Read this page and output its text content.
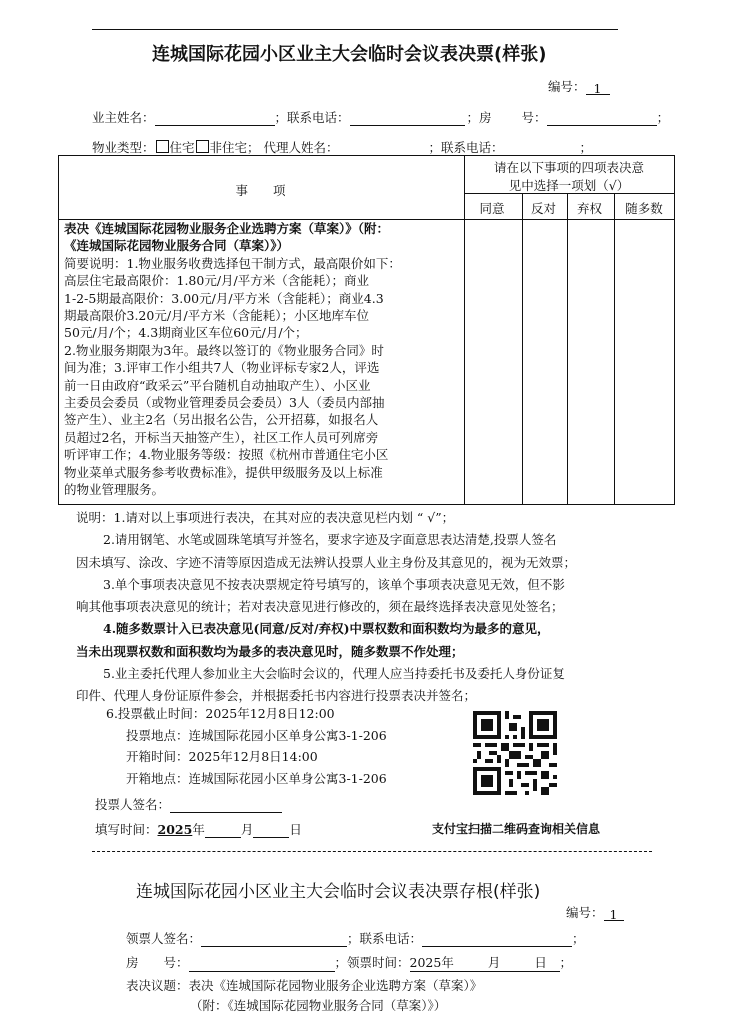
连城国际花园小区业主大会临时会议表决票(样张)
编号： 1
业主姓名：	；联系电话：	；房 号：	；
物业类型： 住宅 非住宅； 代理人姓名：	；联系电话：	；
事　　项
请在以下事项的四项表决意
见中选择一项划（√）
同意	反对	弃权	随多数
表决《连城国际花园物业服务企业选聘方案（草案）》（附：
《连城国际花园物业服务合同（草案）》）
简要说明：1.物业服务收费选择包干制方式，最高限价如下：
高层住宅最高限价：1.80元/月/平方米（含能耗）；商业
1-2-5期最高限价：3.00元/月/平方米（含能耗）；商业4.3
期最高限价3.20元/月/平方米（含能耗）；小区地库车位
50元/月/个；4.3期商业区车位60元/月/个；
2.物业服务期限为3年。最终以签订的《物业服务合同》时
间为准；3.评审工作小组共7人（物业评标专家2人，评选
前一日由政府“政采云”平台随机自动抽取产生）、小区业
主委员会委员（或物业管理委员会委员）3人（委员内部抽
签产生）、业主2名（另出报名公告，公开招募，如报名人
员超过2名，开标当天抽签产生），社区工作人员可列席旁
听评审工作；4.物业服务等级：按照《杭州市普通住宅小区
物业菜单式服务参考收费标准》，提供甲级服务及以上标准
的物业管理服务。
说明：1.请对以上事项进行表决，在其对应的表决意见栏内划 “ √”；
2.请用钢笔、水笔或圆珠笔填写并签名，要求字迹及字面意思表达清楚,投票人签名
因未填写、涂改、字迹不清等原因造成无法辨认投票人业主身份及其意见的，视为无效票；
3.单个事项表决意见不按表决票规定符号填写的，该单个事项表决意见无效，但不影
响其他事项表决意见的统计；若对表决意见进行修改的，须在最终选择表决意见处签名；
4.随多数票计入已表决意见(同意/反对/弃权)中票权数和面积数均为最多的意见，
当未出现票权数和面积数均为最多的表决意见时，随多数票不作处理；
5.业主委托代理人参加业主大会临时会议的，代理人应当持委托书及委托人身份证复
印件、代理人身份证原件参会，并根据委托书内容进行投票表决并签名；
6.投票截止时间：2025年12月8日12:00
投票地点：连城国际花园小区单身公寓3-1-206
开箱时间：2025年12月8日14:00
开箱地点：连城国际花园小区单身公寓3-1-206
投票人签名：
填写时间：2025年	月	日	支付宝扫描二维码查询相关信息
连城国际花园小区业主大会临时会议表决票存根(样张)
编号： 1
领票人签名：	；联系电话：	；
房　　号：	；领票时间：2025年	月	日 ；
表决议题：表决《连城国际花园物业服务企业选聘方案（草案）》
（附：《连城国际花园物业服务合同（草案）》）
